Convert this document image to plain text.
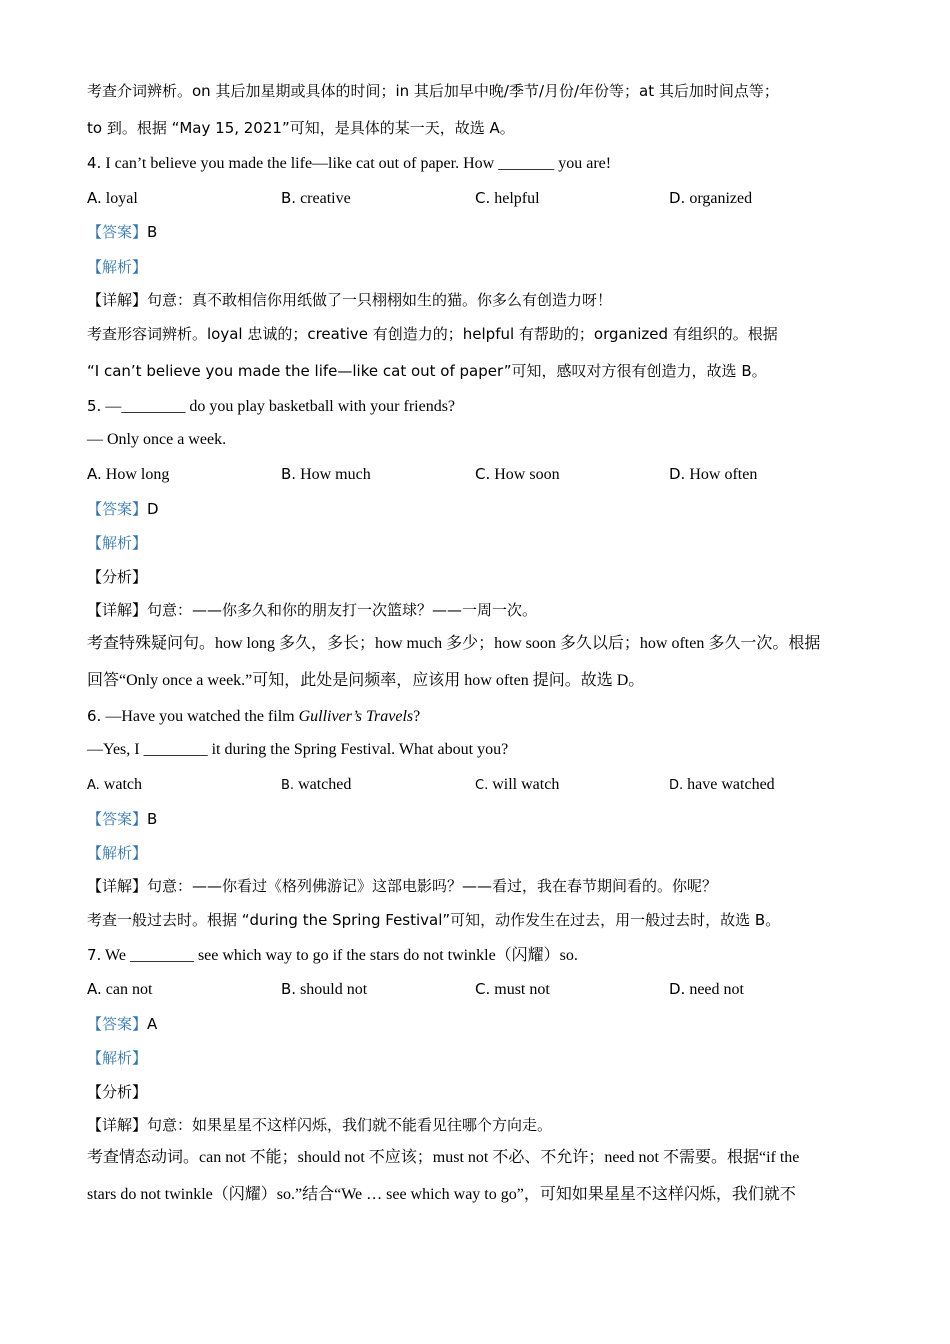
考查介词辨析。on 其后加星期或具体的时间；in 其后加早中晚/季节/月份/年份等；at 其后加时间点等；
to 到。根据 “May 15, 2021”可知，是具体的某一天，故选 A。
4. I can’t believe you made the life—like cat out of paper. How _______ you are!
A. loyal	B. creative	C. helpful	D. organized
【答案】B
【解析】
【详解】句意：真不敢相信你用纸做了一只栩栩如生的猫。你多么有创造力呀！
考查形容词辨析。loyal 忠诚的；creative 有创造力的；helpful 有帮助的；organized 有组织的。根据
“I can’t believe you made the life—like cat out of paper”可知，感叹对方很有创造力，故选 B。
5. —________ do you play basketball with your friends?
— Only once a week.
A. How long	B. How much	C. How soon	D. How often
【答案】D
【解析】
【分析】
【详解】句意：——你多久和你的朋友打一次篮球？——一周一次。
考查特殊疑问句。how long 多久，多长；how much 多少；how soon 多久以后；how often 多久一次。根据
回答“Only once a week.”可知，此处是问频率，应该用 how often 提问。故选 D。
6. —Have you watched the film Gulliver’s Travels?
—Yes, I ________ it during the Spring Festival. What about you?
A. watch	B. watched	C. will watch	D. have watched
【答案】B
【解析】
【详解】句意：——你看过《格列佛游记》这部电影吗？——看过，我在春节期间看的。你呢？
考查一般过去时。根据 “during the Spring Festival”可知，动作发生在过去，用一般过去时，故选 B。
7. We ________ see which way to go if the stars do not twinkle（闪耀）so.
A. can not	B. should not	C. must not	D. need not
【答案】A
【解析】
【分析】
【详解】句意：如果星星不这样闪烁，我们就不能看见往哪个方向走。
考查情态动词。can not 不能；should not 不应该；must not 不必、不允许；need not 不需要。根据“if the
stars do not twinkle（闪耀）so.”结合“We … see which way to go”，可知如果星星不这样闪烁，我们就不
